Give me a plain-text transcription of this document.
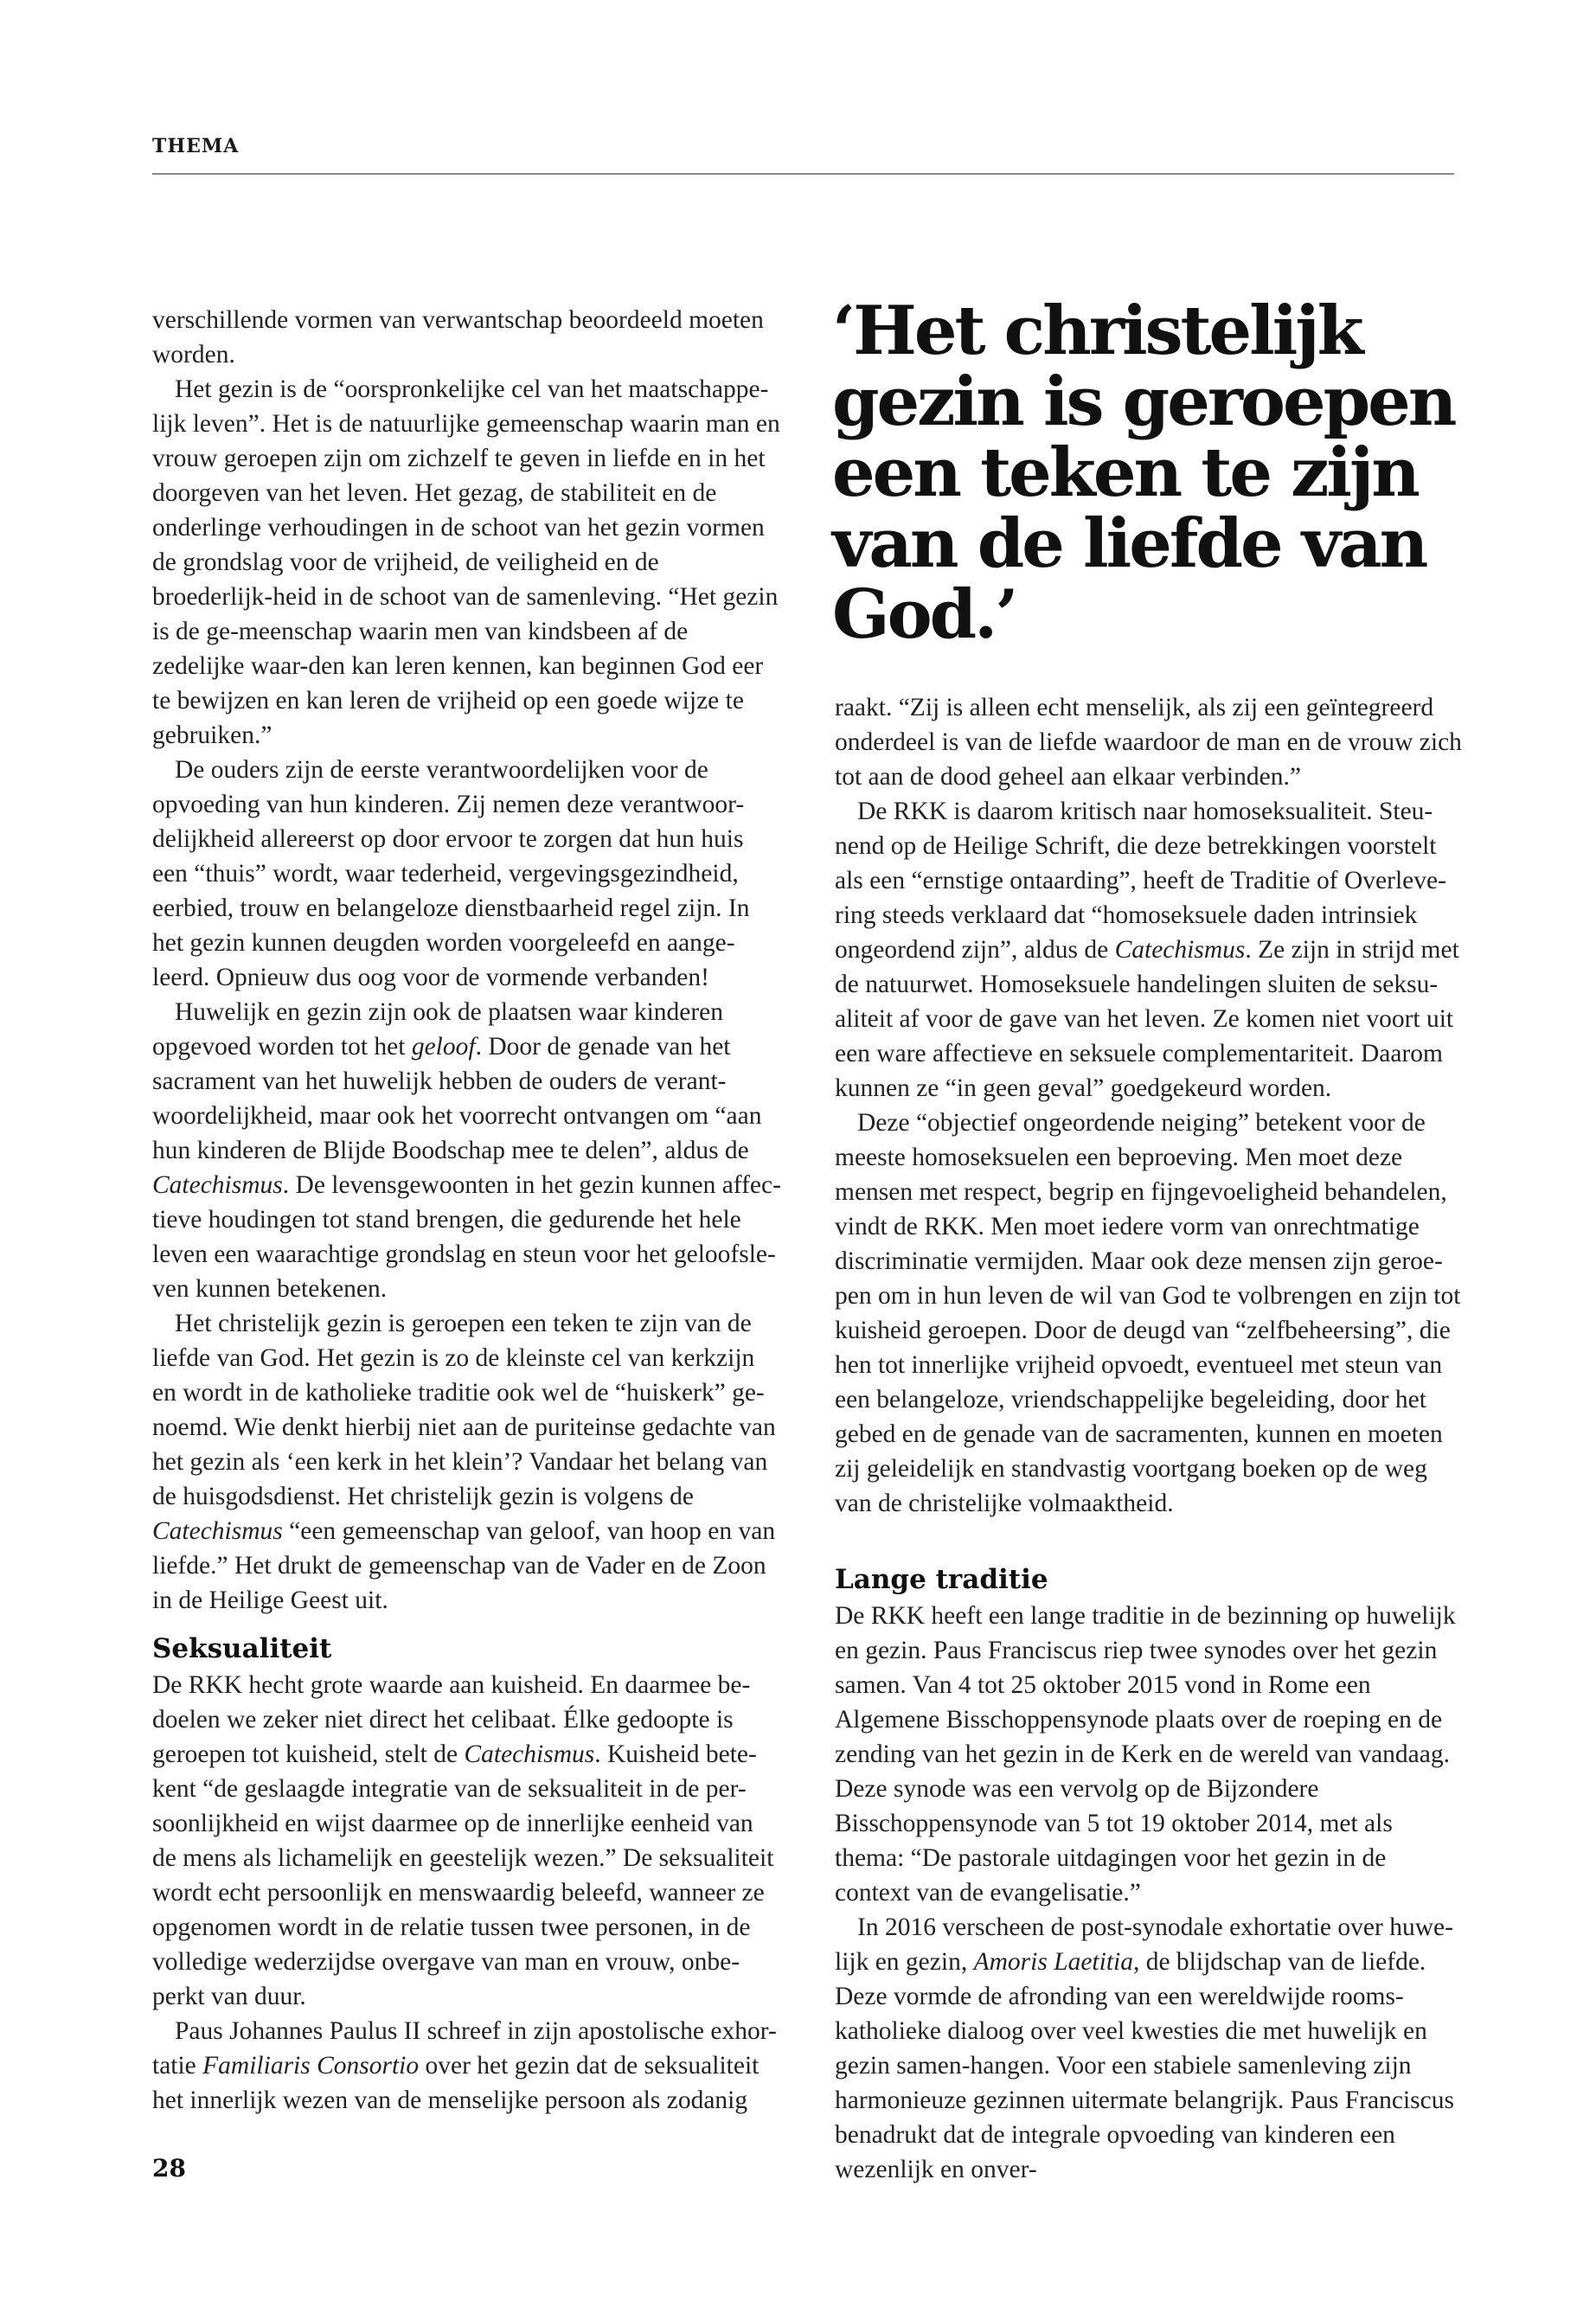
THEMA

verschillende vormen van verwantschap beoordeeld moeten worden.

Het gezin is de “oorspronkelijke cel van het maatschappe-lijk leven”. Het is de natuurlijke gemeenschap waarin man en vrouw geroepen zijn om zichzelf te geven in liefde en in het doorgeven van het leven. Het gezag, de stabiliteit en de onderlinge verhoudingen in de schoot van het gezin vormen de grondslag voor de vrijheid, de veiligheid en de broederlijk-heid in de schoot van de samenleving. “Het gezin is de ge-meenschap waarin men van kindsbeen af de zedelijke waar-den kan leren kennen, kan beginnen God eer te bewijzen en kan leren de vrijheid op een goede wijze te gebruiken.”

De ouders zijn de eerste verantwoordelijken voor de opvoeding van hun kinderen. Zij nemen deze verantwoor-delijkheid allereerst op door ervoor te zorgen dat hun huis een “thuis” wordt, waar tederheid, vergevingsgezindheid, eerbied, trouw en belangeloze dienstbaarheid regel zijn. In het gezin kunnen deugden worden voorgeleefd en aange-leerd. Opnieuw dus oog voor de vormende verbanden!

Huwelijk en gezin zijn ook de plaatsen waar kinderen opgevoed worden tot het geloof. Door de genade van het sacrament van het huwelijk hebben de ouders de verant-woordelijkheid, maar ook het voorrecht ontvangen om “aan hun kinderen de Blijde Boodschap mee te delen”, aldus de Catechismus. De levensgewoonten in het gezin kunnen affec-tieve houdingen tot stand brengen, die gedurende het hele leven een waarachtige grondslag en steun voor het geloofsle-ven kunnen betekenen.

Het christelijk gezin is geroepen een teken te zijn van de liefde van God. Het gezin is zo de kleinste cel van kerkzijn en wordt in de katholieke traditie ook wel de “huiskerk” ge-noemd. Wie denkt hierbij niet aan de puriteinse gedachte van het gezin als ‘een kerk in het klein’? Vandaar het belang van de huisgodsdienst. Het christelijk gezin is volgens de Catechismus “een gemeenschap van geloof, van hoop en van liefde.” Het drukt de gemeenschap van de Vader en de Zoon in de Heilige Geest uit.

Seksualiteit

De RKK hecht grote waarde aan kuisheid. En daarmee be-doelen we zeker niet direct het celibaat. Élke gedoopte is geroepen tot kuisheid, stelt de Catechismus. Kuisheid bete-kent “de geslaagde integratie van de seksualiteit in de per-soonlijkheid en wijst daarmee op de innerlijke eenheid van de mens als lichamelijk en geestelijk wezen.” De seksualiteit wordt echt persoonlijk en menswaardig beleefd, wanneer ze opgenomen wordt in de relatie tussen twee personen, in de volledige wederzijdse overgave van man en vrouw, onbe-perkt van duur.

Paus Johannes Paulus II schreef in zijn apostolische exhor-tatie Familiaris Consortio over het gezin dat de seksualiteit het innerlijk wezen van de menselijke persoon als zodanig

‘Het christelijk gezin is geroepen een teken te zijn van de liefde van God.’

raakt. “Zij is alleen echt menselijk, als zij een geïntegreerd onderdeel is van de liefde waardoor de man en de vrouw zich tot aan de dood geheel aan elkaar verbinden.”

De RKK is daarom kritisch naar homoseksualiteit. Steu-nend op de Heilige Schrift, die deze betrekkingen voorstelt als een “ernstige ontaarding”, heeft de Traditie of Overleve-ring steeds verklaard dat “homoseksuele daden intrinsiek ongeordend zijn”, aldus de Catechismus. Ze zijn in strijd met de natuurwet. Homoseksuele handelingen sluiten de seksu-aliteit af voor de gave van het leven. Ze komen niet voort uit een ware affectieve en seksuele complementariteit. Daarom kunnen ze “in geen geval” goedgekeurd worden.

Deze “objectief ongeordende neiging” betekent voor de meeste homoseksuelen een beproeving. Men moet deze mensen met respect, begrip en fijngevoeligheid behandelen, vindt de RKK. Men moet iedere vorm van onrechtmatige discriminatie vermijden. Maar ook deze mensen zijn geroe-pen om in hun leven de wil van God te volbrengen en zijn tot kuisheid geroepen. Door de deugd van “zelfbeheersing”, die hen tot innerlijke vrijheid opvoedt, eventueel met steun van een belangeloze, vriendschappelijke begeleiding, door het gebed en de genade van de sacramenten, kunnen en moeten zij geleidelijk en standvastig voortgang boeken op de weg van de christelijke volmaaktheid.

Lange traditie

De RKK heeft een lange traditie in de bezinning op huwelijk en gezin. Paus Franciscus riep twee synodes over het gezin samen. Van 4 tot 25 oktober 2015 vond in Rome een Algemene Bisschoppensynode plaats over de roeping en de zending van het gezin in de Kerk en de wereld van vandaag. Deze synode was een vervolg op de Bijzondere Bisschoppensynode van 5 tot 19 oktober 2014, met als thema: “De pastorale uitdagingen voor het gezin in de context van de evangelisatie.”

In 2016 verscheen de post-synodale exhortatie over huwe-lijk en gezin, Amoris Laetitia, de blijdschap van de liefde. Deze vormde de afronding van een wereldwijde rooms-katholieke dialoog over veel kwesties die met huwelijk en gezin samen-hangen. Voor een stabiele samenleving zijn harmonieuze gezinnen uitermate belangrijk. Paus Franciscus benadrukt dat de integrale opvoeding van kinderen een wezenlijk en onver-

28
